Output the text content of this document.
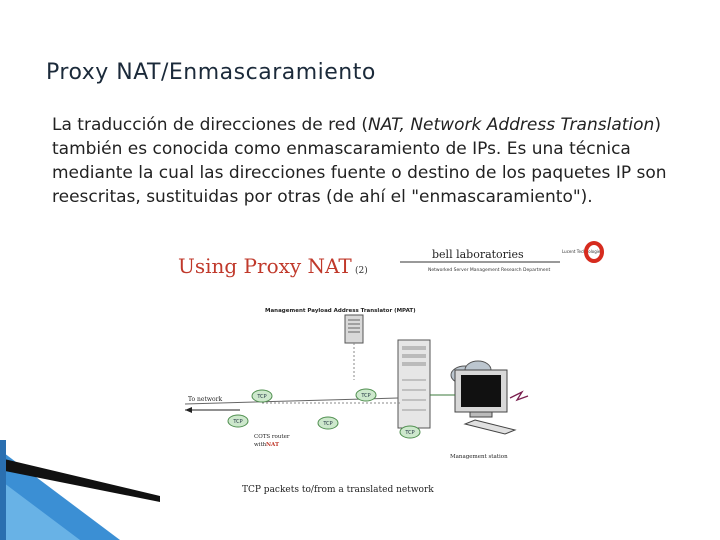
Proxy NAT/Enmascaramiento
La traducción de direcciones de red (NAT, Network Address Translation) también es conocida como enmascaramiento de IPs. Es una técnica mediante la cual las direcciones fuente o destino de los paquetes IP son reescritas, sustituidas por otras (de ahí el "enmascaramiento").
Using Proxy NAT (2)
bell laboratories
Networked Server Management Research Department
Lucent Technologies
Management Payload Address Translator (MPAT)
To network
COTS router
with NAT
Management station
TCP	TCP
TCP	TCP
TCP
TCP packets to/from a translated network
